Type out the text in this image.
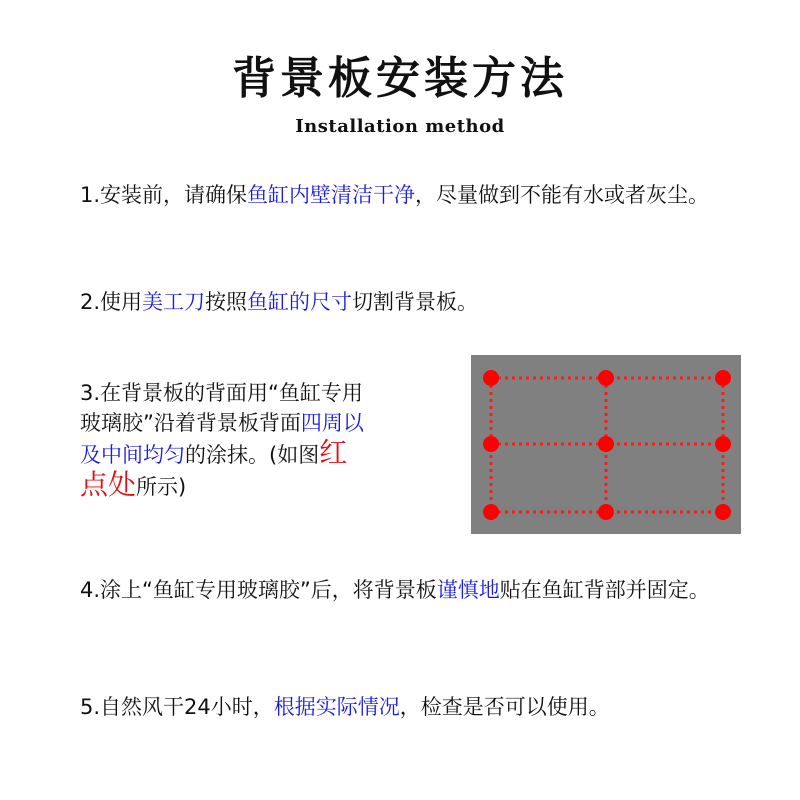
背景板安装方法
Installation method
1.安装前，请确保鱼缸内壁清洁干净，尽量做到不能有水或者灰尘。
2.使用美工刀按照鱼缸的尺寸切割背景板。
3.在背景板的背面用“鱼缸专用玻璃胶”沿着背景板背面四周以及中间均匀的涂抹。(如图红点处所示)
4.涂上“鱼缸专用玻璃胶”后，将背景板谨慎地贴在鱼缸背部并固定。
5.自然风干24小时，根据实际情况，检查是否可以使用。
